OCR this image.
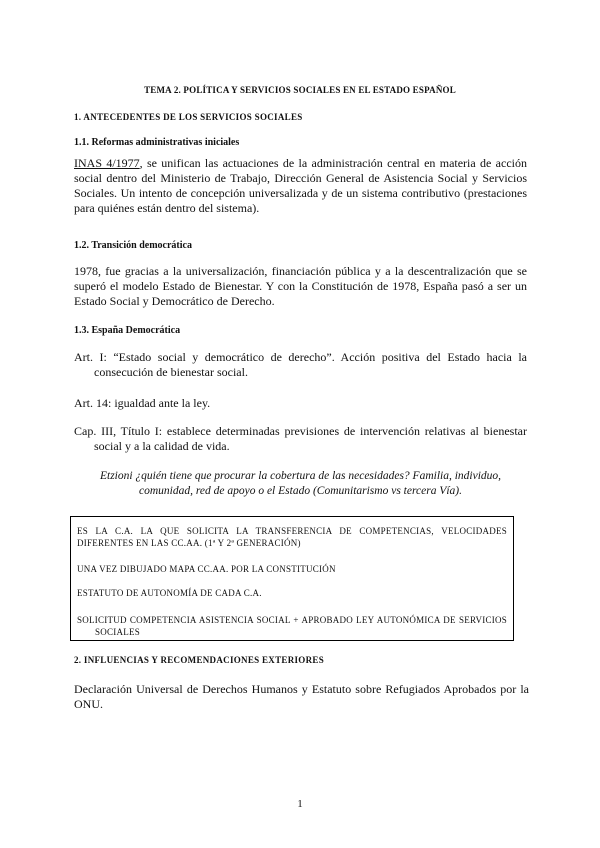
TEMA 2. POLÍTICA Y SERVICIOS SOCIALES EN EL ESTADO ESPAÑOL
1. ANTECEDENTES DE LOS SERVICIOS SOCIALES
1.1. Reformas administrativas iniciales
INAS 4/1977, se unifican las actuaciones de la administración central en materia de acción social dentro del Ministerio de Trabajo, Dirección General de Asistencia Social y Servicios Sociales. Un intento de concepción universalizada y de un sistema contributivo (prestaciones para quiénes están dentro del sistema).
1.2. Transición democrática
1978, fue gracias a la universalización, financiación pública y a la descentralización que se superó el modelo Estado de Bienestar. Y con la Constitución de 1978, España pasó a ser un Estado Social y Democrático de Derecho.
1.3. España Democrática
Art. I: “Estado social y democrático de derecho”. Acción positiva del Estado hacia la consecución de bienestar social.
Art. 14: igualdad ante la ley.
Cap. III, Título I: establece determinadas previsiones de intervención relativas al bienestar social y a la calidad de vida.
Etzioni ¿quién tiene que procurar la cobertura de las necesidades? Familia, individuo, comunidad, red de apoyo o el Estado (Comunitarismo vs tercera Vía).
ES LA C.A. LA QUE SOLICITA LA TRANSFERENCIA DE COMPETENCIAS, VELOCIDADES DIFERENTES EN LAS CC.AA. (1ª Y 2ª GENERACIÓN)
UNA VEZ DIBUJADO MAPA CC.AA. POR LA CONSTITUCIÓN
ESTATUTO DE AUTONOMÍA DE CADA C.A.
SOLICITUD COMPETENCIA ASISTENCIA SOCIAL + APROBADO LEY AUTONÓMICA DE SERVICIOS SOCIALES
2. INFLUENCIAS Y RECOMENDACIONES EXTERIORES
Declaración Universal de Derechos Humanos y Estatuto sobre Refugiados Aprobados por la ONU.
1
